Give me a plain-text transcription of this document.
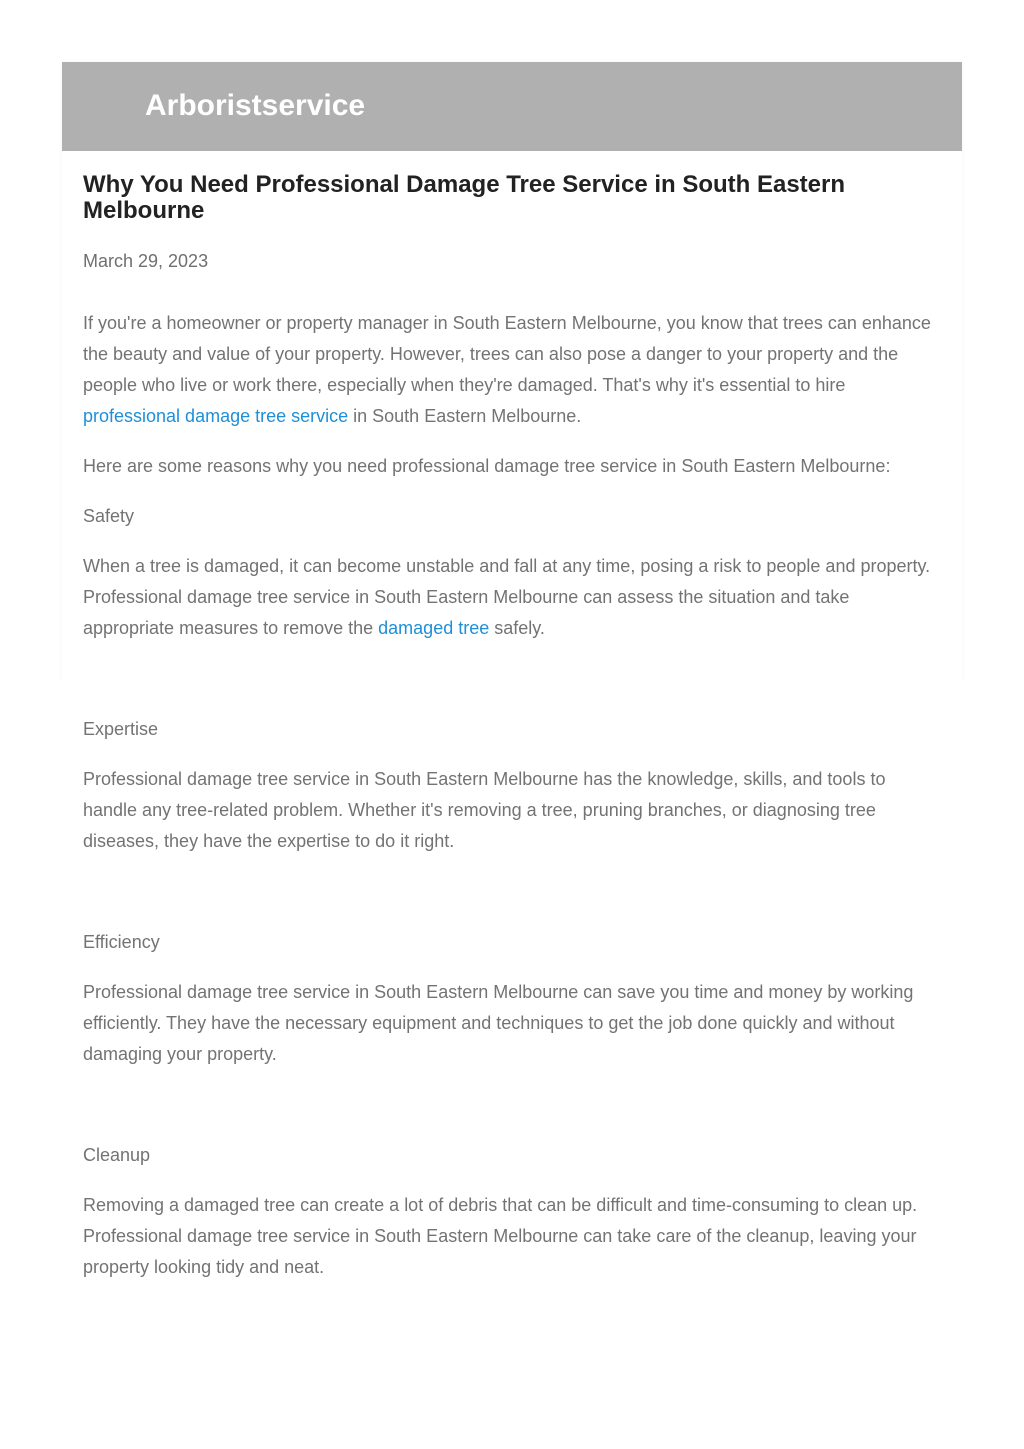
Arboristservice
Why You Need Professional Damage Tree Service in South Eastern Melbourne
March 29, 2023

If you're a homeowner or property manager in South Eastern Melbourne, you know that trees can enhance the beauty and value of your property. However, trees can also pose a danger to your property and the people who live or work there, especially when they're damaged. That's why it's essential to hire professional damage tree service in South Eastern Melbourne.

Here are some reasons why you need professional damage tree service in South Eastern Melbourne:

Safety

When a tree is damaged, it can become unstable and fall at any time, posing a risk to people and property. Professional damage tree service in South Eastern Melbourne can assess the situation and take appropriate measures to remove the damaged tree safely.

Expertise

Professional damage tree service in South Eastern Melbourne has the knowledge, skills, and tools to handle any tree-related problem. Whether it's removing a tree, pruning branches, or diagnosing tree diseases, they have the expertise to do it right.

Efficiency

Professional damage tree service in South Eastern Melbourne can save you time and money by working efficiently. They have the necessary equipment and techniques to get the job done quickly and without damaging your property.

Cleanup

Removing a damaged tree can create a lot of debris that can be difficult and time-consuming to clean up. Professional damage tree service in South Eastern Melbourne can take care of the cleanup, leaving your property looking tidy and neat.
